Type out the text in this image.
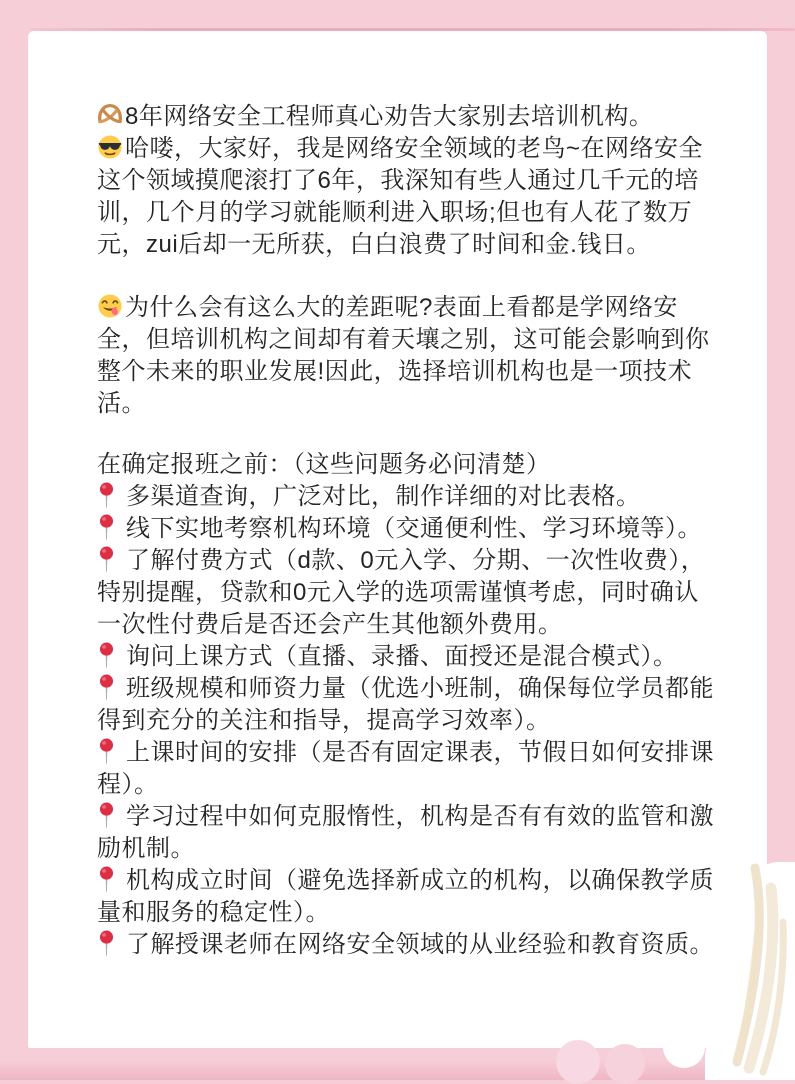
8年网络安全工程师真心劝告大家别去培训机构。

哈喽，大家好，我是网络安全领域的老鸟~在网络安全这个领域摸爬滚打了6年，我深知有些人通过几千元的培训，几个月的学习就能顺利进入职场;但也有人花了数万元，zui后却一无所获，白白浪费了时间和金.钱日。

为什么会有这么大的差距呢?表面上看都是学网络安全，但培训机构之间却有着天壤之别，这可能会影响到你整个未来的职业发展!因此，选择培训机构也是一项技术活。

在确定报班之前：（这些问题务必问清楚）

多渠道查询，广泛对比，制作详细的对比表格。

线下实地考察机构环境（交通便利性、学习环境等）。

了解付费方式（d款、0元入学、分期、一次性收费），特别提醒，贷款和0元入学的选项需谨慎考虑，同时确认一次性付费后是否还会产生其他额外费用。

询问上课方式（直播、录播、面授还是混合模式）。

班级规模和师资力量（优选小班制，确保每位学员都能得到充分的关注和指导，提高学习效率）。

上课时间的安排（是否有固定课表，节假日如何安排课程）。

学习过程中如何克服惰性，机构是否有有效的监管和激励机制。

机构成立时间（避免选择新成立的机构，以确保教学质量和服务的稳定性）。

了解授课老师在网络安全领域的从业经验和教育资质。
